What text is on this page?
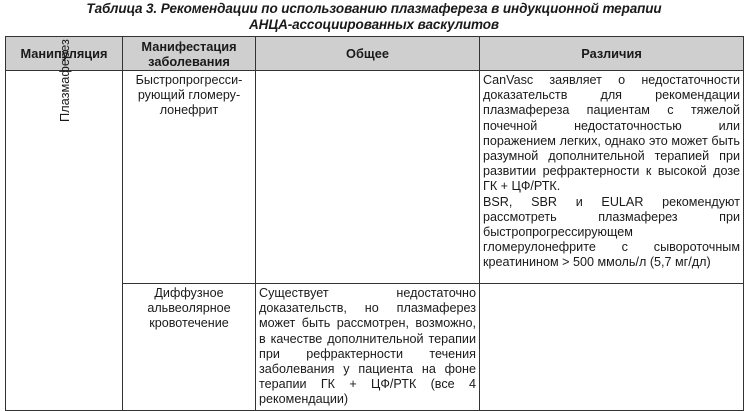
Таблица 3. Рекомендации по использованию плазмафереза в индукционной терапии
АНЦА-ассоциированных васкулитов
Манипуляция	Манифестация заболевания	Общее	Различия
Плазмаферез	Быстропрогресси-рующий гломеру-лонефрит		CanVasc заявляет о недостаточности доказательств для рекомендации плазмафереза пациентам с тяжелой почечной недостаточностью или поражением легких, однако это может быть разумной дополнительной терапией при развитии рефрактерности к высокой дозе ГК + ЦФ/РТК.
BSR, SBR и EULAR рекомендуют рассмотреть плазмаферез при быстропрогрессирующем гломерулонефрите с сывороточным креатинином > 500 ммоль/л (5,7 мг/дл)

	Диффузное альвеолярное кровотечение	Существует недостаточно доказательств, но плазмаферез может быть рассмотрен, возможно, в качестве дополнительной терапии при рефрактерности течения заболевания у пациента на фоне терапии ГК + ЦФ/РТК (все 4 рекомендации)	
